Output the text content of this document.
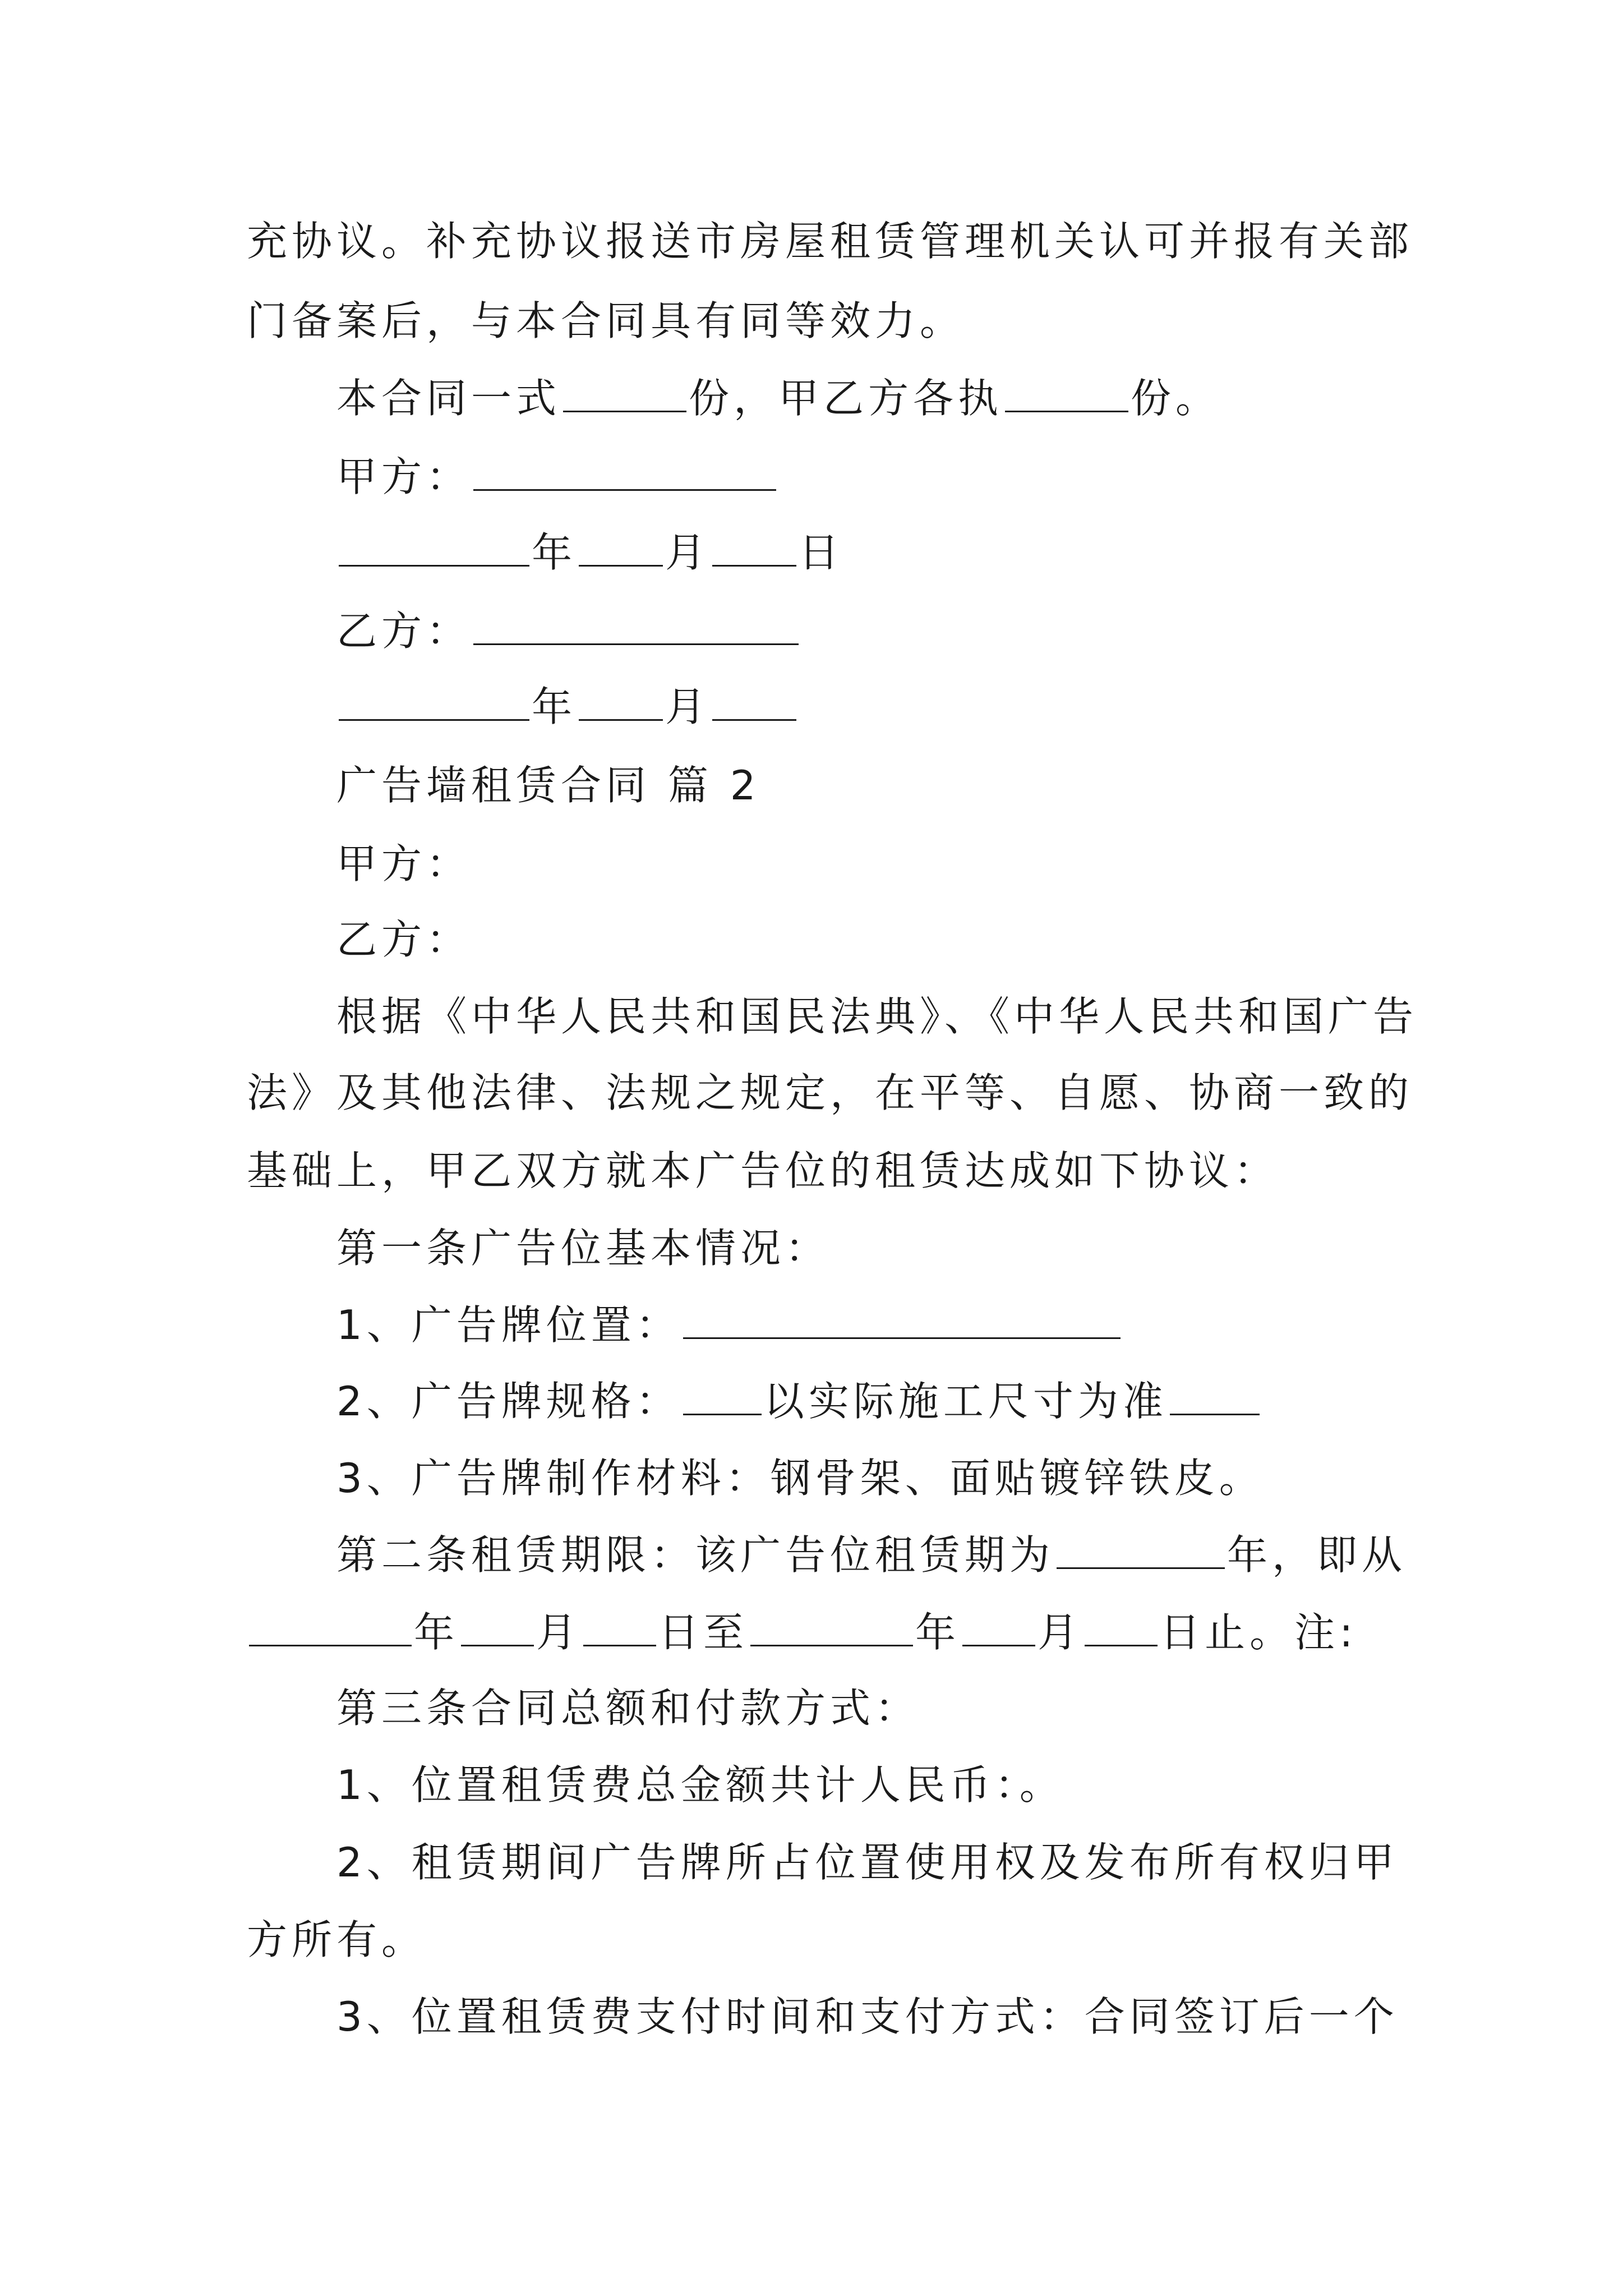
充协议。补充协议报送市房屋租赁管理机关认可并报有关部
门备案后，与本合同具有同等效力。
本合同一式	份，甲乙方各执	份。
甲方：
年 月 日
乙方：
年 月
广告墙租赁合同 篇 2
甲方：
乙方：
根据《中华人民共和国民法典》、《中华人民共和国广告
法》及其他法律、法规之规定，在平等、自愿、协商一致的
基础上，甲乙双方就本广告位的租赁达成如下协议：
第一条广告位基本情况：
1、广告牌位置：
2、广告牌规格： 以实际施工尺寸为准
3、广告牌制作材料：钢骨架、面贴镀锌铁皮。
第二条租赁期限：该广告位租赁期为	年，即从
年 月 日至	年 月 日止。注:
第三条合同总额和付款方式：
1、位置租赁费总金额共计人民币：。
2、租赁期间广告牌所占位置使用权及发布所有权归甲
方所有。
3、位置租赁费支付时间和支付方式：合同签订后一个
